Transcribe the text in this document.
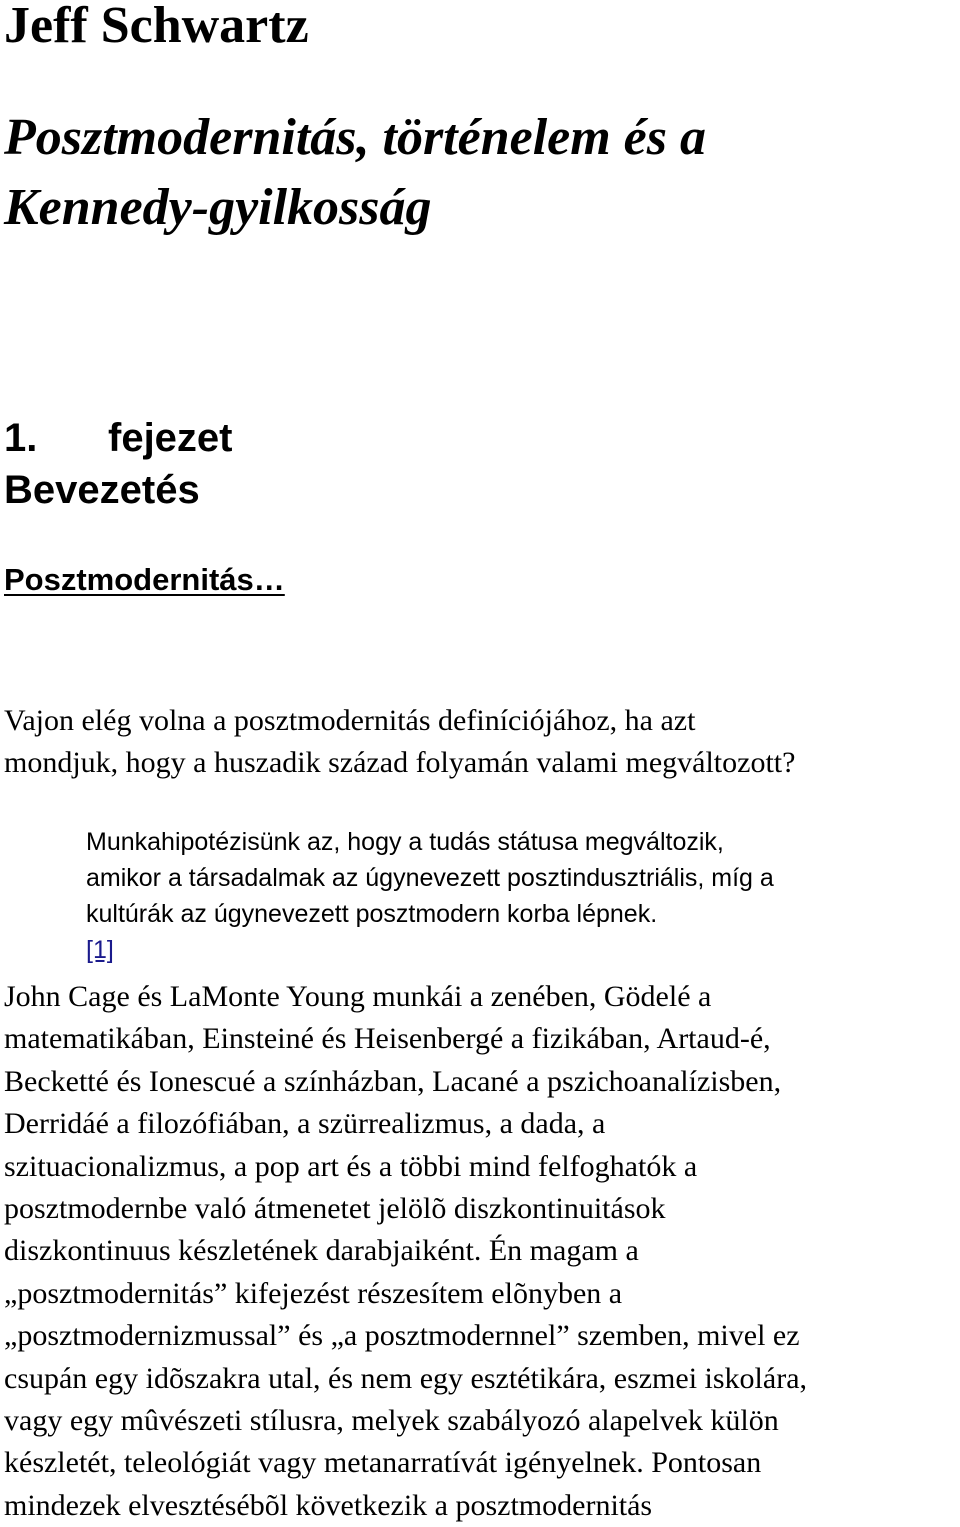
Jeff Schwartz
Posztmodernitás, történelem és a
Kennedy-gyilkosság
1. fejezet
Bevezetés
Posztmodernitás…

Vajon elég volna a posztmodernitás definíciójához, ha azt
mondjuk, hogy a huszadik század folyamán valami megváltozott?

Munkahipotézisünk az, hogy a tudás státusa megváltozik,
amikor a társadalmak az úgynevezett posztindusztriális, míg a
kultúrák az úgynevezett posztmodern korba lépnek.
[1]

John Cage és LaMonte Young munkái a zenében, Gödelé a
matematikában, Einsteiné és Heisenbergé a fizikában, Artaud-é,
Becketté és Ionescué a színházban, Lacané a pszichoanalízisben,
Derridáé a filozófiában, a szürrealizmus, a dada, a
szituacionalizmus, a pop art és a többi mind felfoghatók a
posztmodernbe való átmenetet jelölõ diszkontinuitások
diszkontinuus készletének darabjaiként. Én magam a
„posztmodernitás” kifejezést részesítem elõnyben a
„posztmodernizmussal” és „a posztmodernnel” szemben, mivel ez
csupán egy idõszakra utal, és nem egy esztétikára, eszmei iskolára,
vagy egy mûvészeti stílusra, melyek szabályozó alapelvek külön
készletét, teleológiát vagy metanarratívát igényelnek. Pontosan
mindezek elvesztésébõl következik a posztmodernitás
